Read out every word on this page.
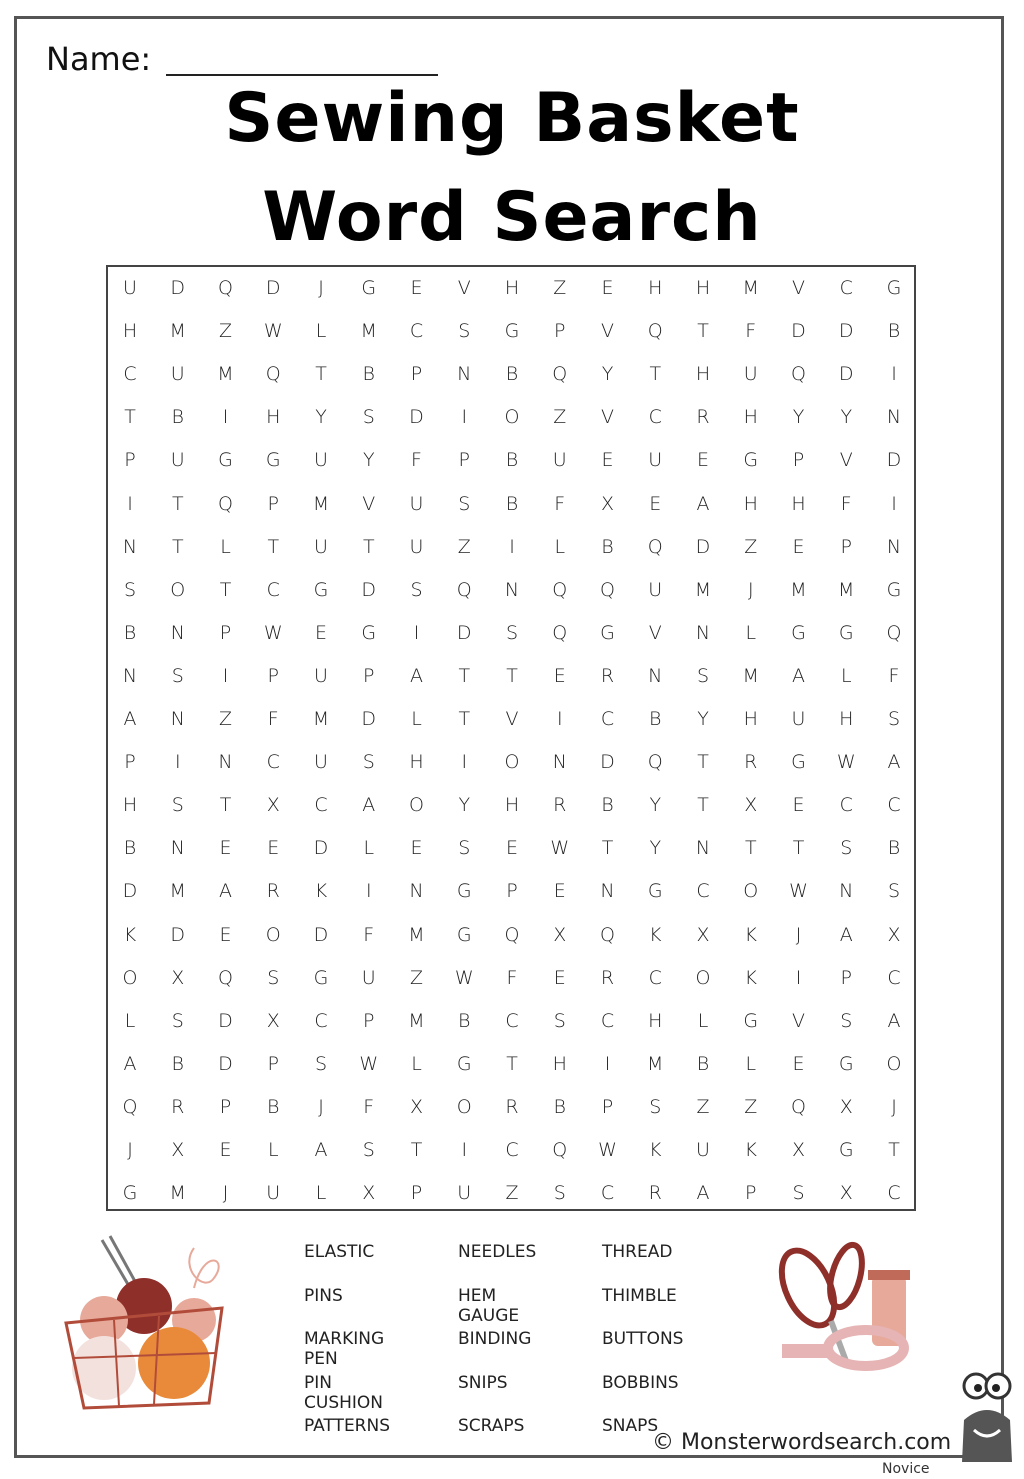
Name:
Sewing Basket
Word Search
U	D	Q	D	J	G	E	V	H	Z	E	H	H	M	V	C	G
H	M	Z	W	L	M	C	S	G	P	V	Q	T	F	D	D	B
C	U	M	Q	T	B	P	N	B	Q	Y	T	H	U	Q	D	I
T	B	I	H	Y	S	D	I	O	Z	V	C	R	H	Y	Y	N
P	U	G	G	U	Y	F	P	B	U	E	U	E	G	P	V	D
I	T	Q	P	M	V	U	S	B	F	X	E	A	H	H	F	I
N	T	L	T	U	T	U	Z	I	L	B	Q	D	Z	E	P	N
S	O	T	C	G	D	S	Q	N	Q	Q	U	M	J	M	M	G
B	N	P	W	E	G	I	D	S	Q	G	V	N	L	G	G	Q
N	S	I	P	U	P	A	T	T	E	R	N	S	M	A	L	F
A	N	Z	F	M	D	L	T	V	I	C	B	Y	H	U	H	S
P	I	N	C	U	S	H	I	O	N	D	Q	T	R	G	W	A
H	S	T	X	C	A	O	Y	H	R	B	Y	T	X	E	C	C
B	N	E	E	D	L	E	S	E	W	T	Y	N	T	T	S	B
D	M	A	R	K	I	N	G	P	E	N	G	C	O	W	N	S
K	D	E	O	D	F	M	G	Q	X	Q	K	X	K	J	A	X
O	X	Q	S	G	U	Z	W	F	E	R	C	O	K	I	P	C
L	S	D	X	C	P	M	B	C	S	C	H	L	G	V	S	A
A	B	D	P	S	W	L	G	T	H	I	M	B	L	E	G	O
Q	R	P	B	J	F	X	O	R	B	P	S	Z	Z	Q	X	J
J	X	E	L	A	S	T	I	C	Q	W	K	U	K	X	G	T
G	M	J	U	L	X	P	U	Z	S	C	R	A	P	S	X	C
ELASTIC
PINS
MARKING PEN
PIN CUSHION
PATTERNS
NEEDLES
HEM GAUGE
BINDING
SNIPS
SCRAPS
THREAD
THIMBLE
BUTTONS
BOBBINS
SNAPS
© Monsterwordsearch.com
Novice
